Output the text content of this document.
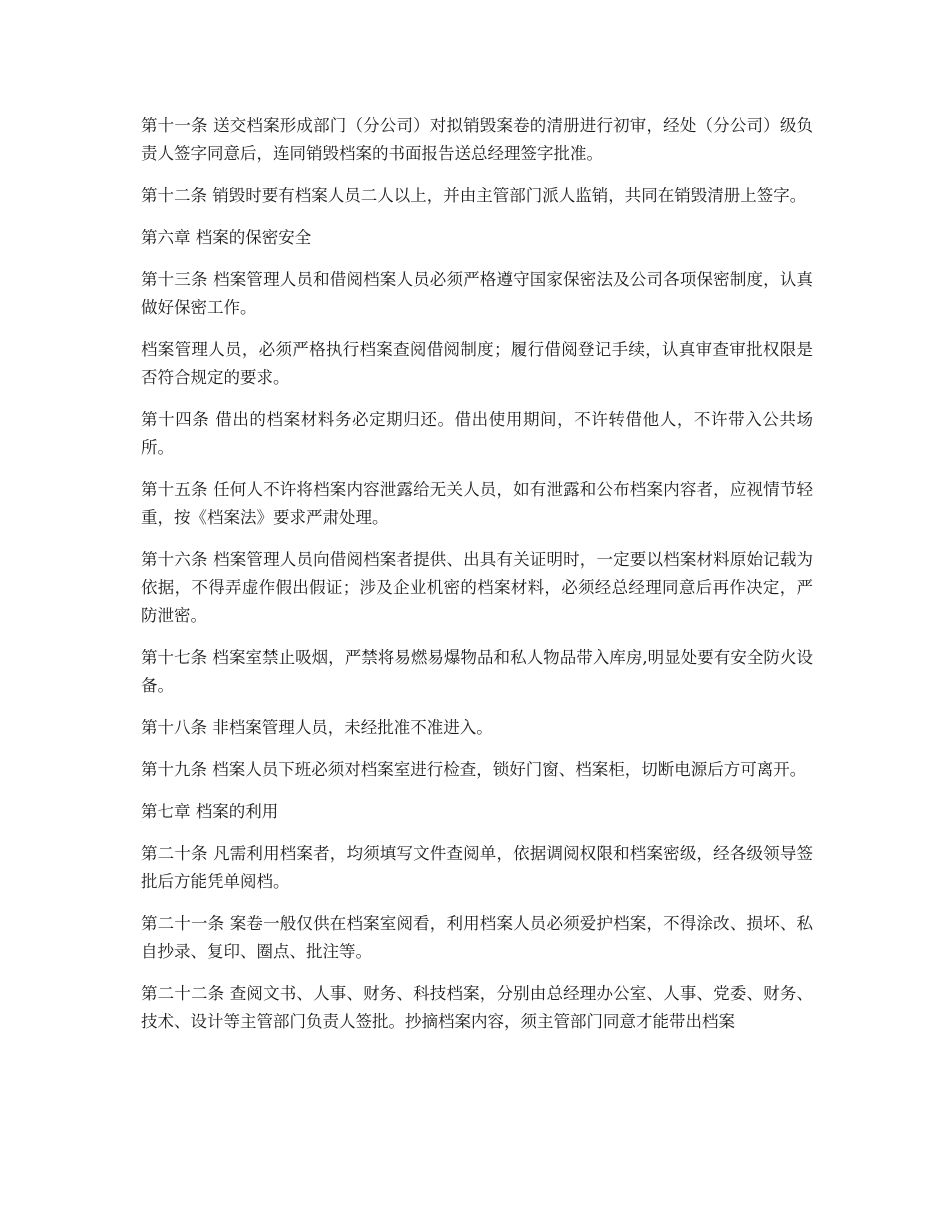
第十一条 送交档案形成部门（分公司）对拟销毁案卷的清册进行初审，经处（分公司）级负责人签字同意后，连同销毁档案的书面报告送总经理签字批准。

第十二条 销毁时要有档案人员二人以上，并由主管部门派人监销，共同在销毁清册上签字。

第六章 档案的保密安全

第十三条 档案管理人员和借阅档案人员必须严格遵守国家保密法及公司各项保密制度，认真做好保密工作。

档案管理人员，必须严格执行档案查阅借阅制度；履行借阅登记手续，认真审查审批权限是否符合规定的要求。

第十四条 借出的档案材料务必定期归还。借出使用期间，不许转借他人，不许带入公共场所。

第十五条 任何人不许将档案内容泄露给无关人员，如有泄露和公布档案内容者，应视情节轻重，按《档案法》要求严肃处理。

第十六条 档案管理人员向借阅档案者提供、出具有关证明时，一定要以档案材料原始记载为依据，不得弄虚作假出假证；涉及企业机密的档案材料，必须经总经理同意后再作决定，严防泄密。

第十七条 档案室禁止吸烟，严禁将易燃易爆物品和私人物品带入库房,明显处要有安全防火设备。

第十八条 非档案管理人员，未经批准不准进入。

第十九条 档案人员下班必须对档案室进行检查，锁好门窗、档案柜，切断电源后方可离开。

第七章 档案的利用

第二十条 凡需利用档案者，均须填写文件查阅单，依据调阅权限和档案密级，经各级领导签批后方能凭单阅档。

第二十一条 案卷一般仅供在档案室阅看，利用档案人员必须爱护档案，不得涂改、损坏、私自抄录、复印、圈点、批注等。

第二十二条 查阅文书、人事、财务、科技档案，分别由总经理办公室、人事、党委、财务、技术、设计等主管部门负责人签批。抄摘档案内容，须主管部门同意才能带出档案
